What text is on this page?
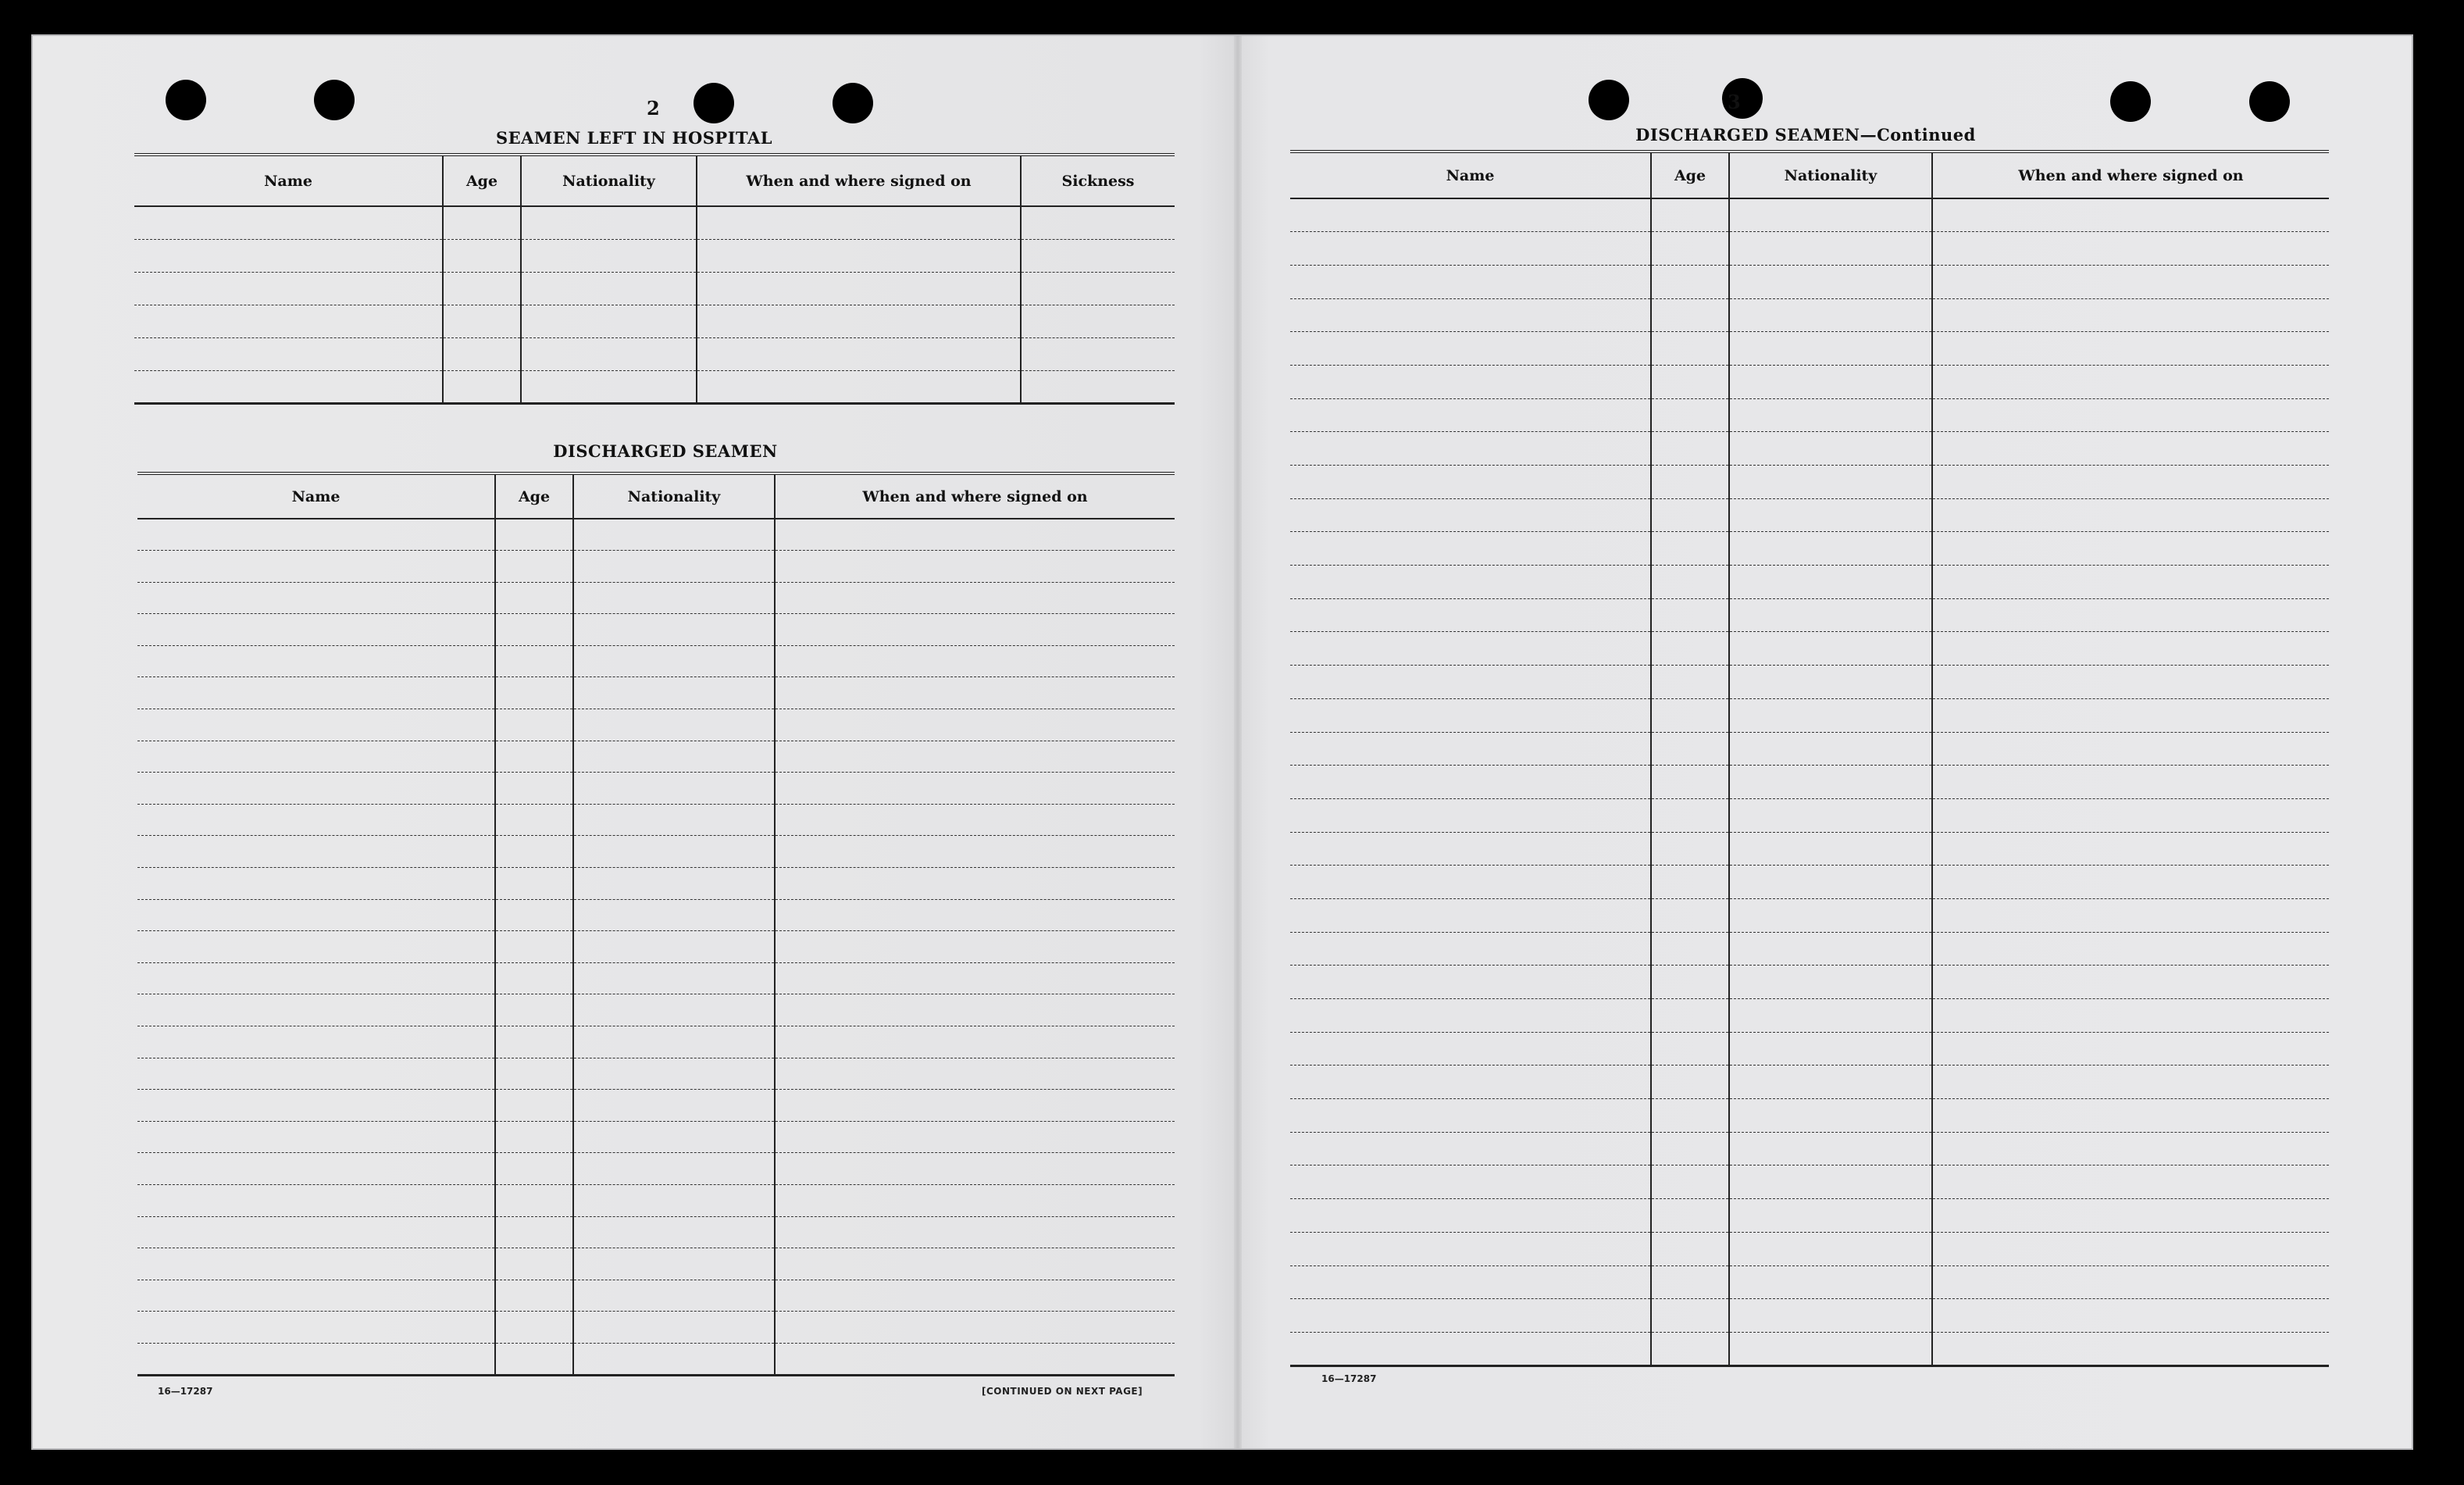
2
SEAMEN LEFT IN HOSPITAL
Name	Age	Nationality	When and where signed on	Sickness

DISCHARGED SEAMEN
Name	Age	Nationality	When and where signed on

16—17287	[CONTINUED ON NEXT PAGE]
3
DISCHARGED SEAMEN—Continued
Name	Age	Nationality	When and where signed on

16—17287
